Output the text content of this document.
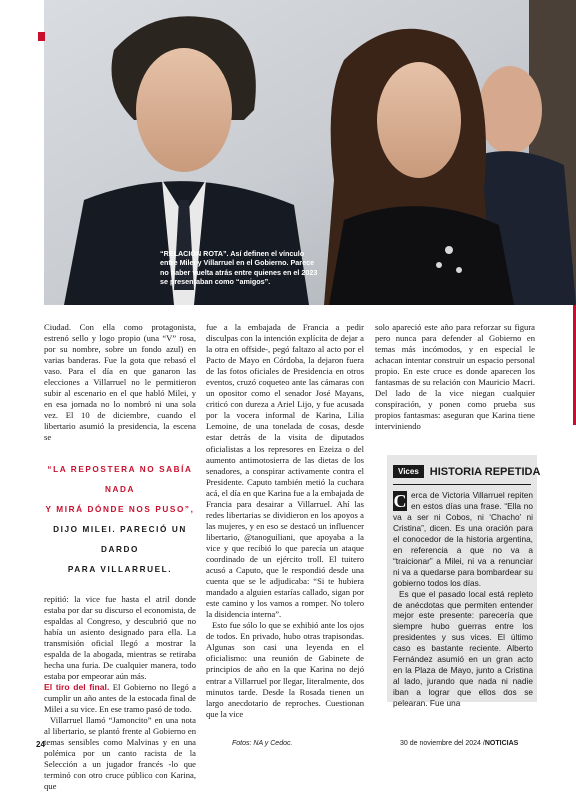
“RELACIÓN ROTA”. Así definen el vínculo entre Milei y Villarruel en el Gobierno. Parece no haber vuelta atrás entre quienes en el 2023 se presentaban como “amigos”.

Ciudad. Con ella como protagonista, estrenó sello y logo propio (una “V” rosa, por su nombre, sobre un fondo azul) en varias banderas. Fue la gota que rebasó el vaso. Para el día en que ganaron las elecciones a Villarruel no le permitieron subir al escenario en el que habló Milei, y en esa jornada no lo nombró ni una sola vez. El 10 de diciembre, cuando el libertario asumió la presidencia, la escena se

“LA REPOSTERA NO SABÍA NADA
Y MIRÁ DÓNDE NOS PUSO”,
DIJO MILEI. PARECIÓ UN DARDO
PARA VILLARRUEL.

repitió: la vice fue hasta el atril donde estaba por dar su discurso el economista, de espaldas al Congreso, y descubrió que no había un asiento designado para ella. La transmisión oficial llegó a mostrar la espalda de la abogada, mientras se retiraba hecha una furia. De cualquier manera, todo estaba por empeorar aún más.

El tiro del final. El Gobierno no llegó a cumplir un año antes de la estocada final de Milei a su vice. En ese tramo pasó de todo.

Villarruel llamó “Jamoncito” en una nota al libertario, se plantó frente al Gobierno en temas sensibles como Malvinas y en una polémica por un canto racista de la Selección a un jugador francés -lo que terminó con otro cruce público con Karina, que

fue a la embajada de Francia a pedir disculpas con la intención explícita de dejar a la otra en offside-, pegó faltazo al acto por el Pacto de Mayo en Córdoba, la dejaron fuera de las fotos oficiales de Presidencia en otros eventos, cruzó coqueteo ante las cámaras con un opositor como el senador José Mayans, criticó con dureza a Ariel Lijo, y fue acusada por la vocera informal de Karina, Lilia Lemoine, de una tonelada de cosas, desde estar detrás de la visita de diputados oficialistas a los represores en Ezeiza o del aumento antimotosierra de las dietas de los senadores, a conspirar activamente contra el Presidente. Caputo también metió la cuchara acá, el día en que Karina fue a la embajada de Francia para desairar a Villarruel. Ahí las redes libertarias se dividieron en los apoyos a las mujeres, y en eso se destacó un influencer libertario, @tanoguiliani, que apoyaba a la vice y que recibió lo que parecía un ataque coordinado de un ejército troll. El tuitero acusó a Caputo, que le respondió desde una cuenta que se le adjudicaba: “Si te hubiera mandado a alguien estarías callado, sigan por este camino y los vamos a romper. No tolero la disidencia interna”.

Esto fue sólo lo que se exhibió ante los ojos de todos. En privado, hubo otras trapisondas. Algunas son casi una leyenda en el oficialismo: una reunión de Gabinete de principios de año en la que Karina no dejó entrar a Villarruel por llegar, literalmente, dos minutos tarde. Desde la Rosada tienen un largo anecdotario de reproches. Cuestionan que la vice

solo apareció este año para reforzar su figura pero nunca para defender al Gobierno en temas más incómodos, y en especial le achacan intentar construir un espacio personal propio. En este cruce es donde aparecen los fantasmas de su relación con Mauricio Macri. Del lado de la vice niegan cualquier conspiración, y ponen como prueba sus propios fantasmas: aseguran que Karina tiene interviniendo

Vices	HISTORIA REPETIDA
C erca de Victoria Villarruel repiten en estos días una frase. “Ella no va a ser ni Cobos, ni ‘Chacho’ ni Cristina”, dicen. Es una oración para el conocedor de la historia argentina, en referencia a que no va a “traicionar” a Milei, ni va a renunciar ni va a quedarse para bombardear su gobierno todos los días.
Es que el pasado local está repleto de anécdotas que permiten entender mejor este presente: parecería que siempre hubo guerras entre los presidentes y sus vices. El último caso es bastante reciente. Alberto Fernández asumió en un gran acto en la Plaza de Mayo, junto a Cristina al lado, jurando que nada ni nadie iban a lograr que ellos dos se pelearan. Fue una
24	Fotos: NA y Cedoc.	30 de noviembre del 2024 /NOTICIAS
